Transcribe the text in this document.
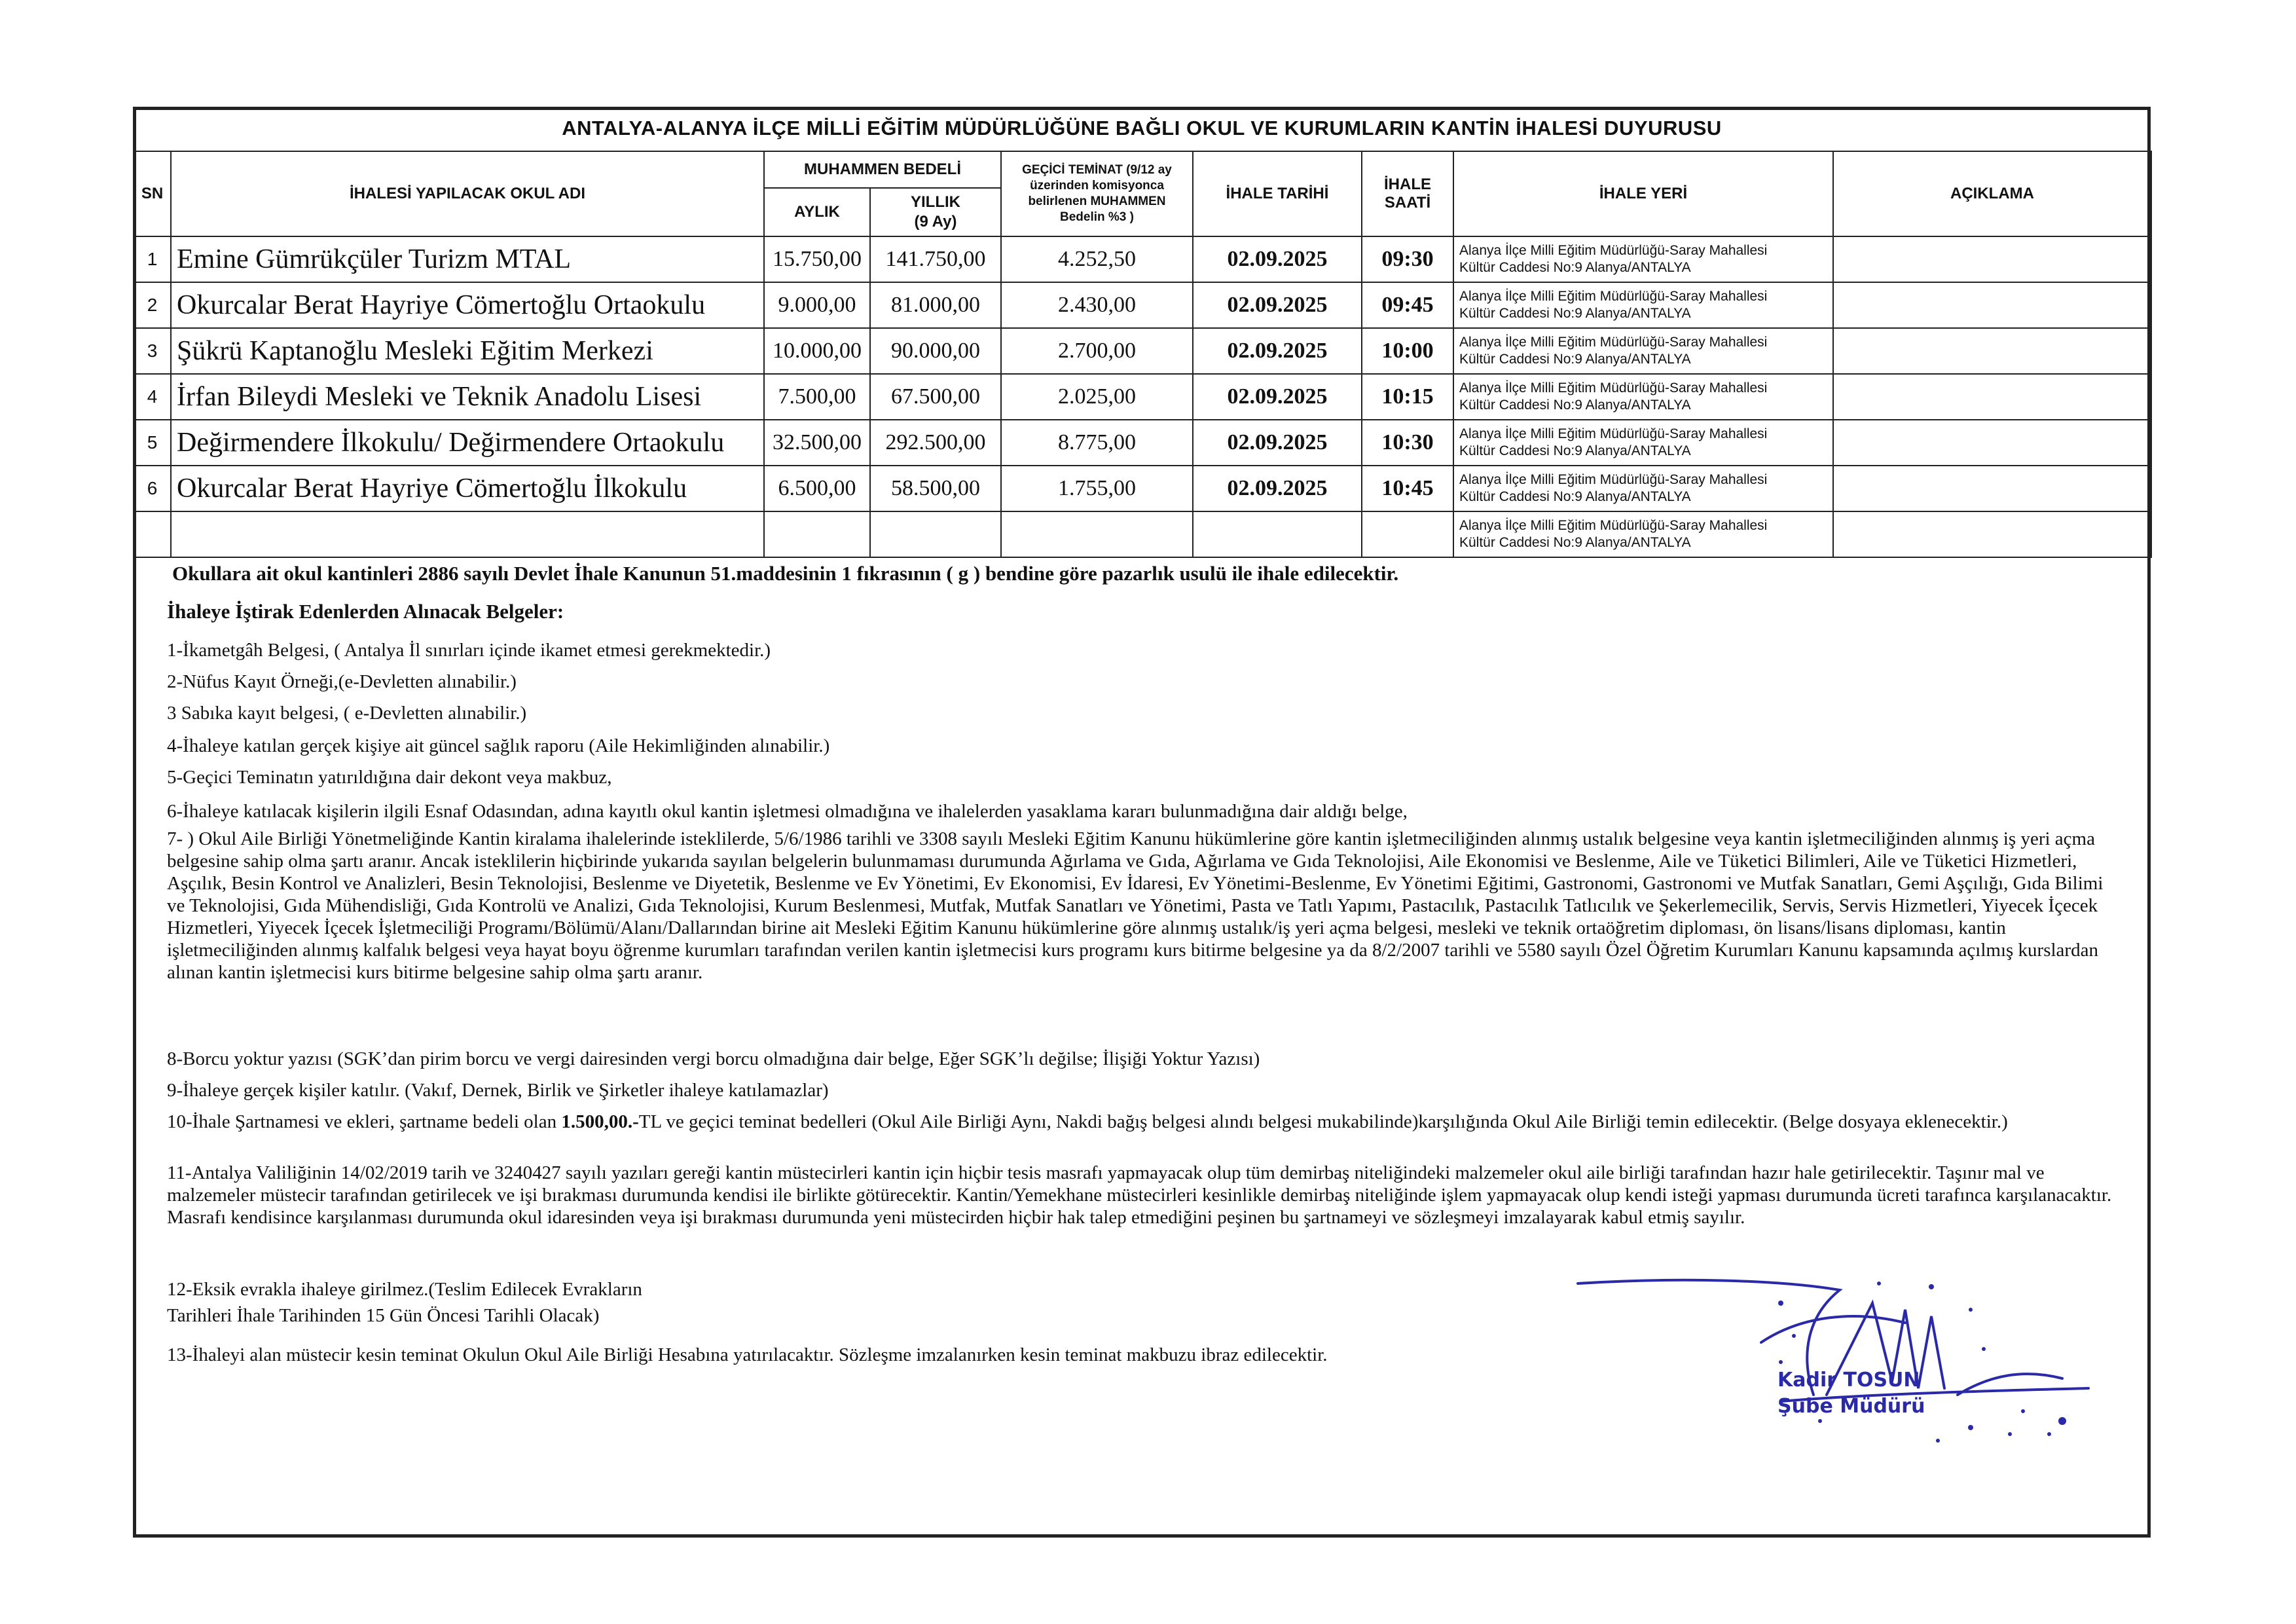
ANTALYA-ALANYA İLÇE MİLLİ EĞİTİM MÜDÜRLÜĞÜNE BAĞLI OKUL VE KURUMLARIN KANTİN İHALESİ DUYURUSU
SN	İHALESİ YAPILACAK OKUL ADI	MUHAMMEN BEDELİ		GEÇİCİ TEMİNAT (9/12 ay üzerinden komisyonca belirlenen MUHAMMEN Bedelin %3 )	İHALE TARİHİ	İHALE SAATİ	İHALE YERİ	AÇIKLAMA
		AYLIK	YILLIK
(9 Ay)					
1	Emine Gümrükçüler Turizm MTAL	15.750,00	141.750,00	4.252,50	02.09.2025	09:30	Alanya İlçe Milli Eğitim Müdürlüğü-Saray Mahallesi
Kültür Caddesi No:9 Alanya/ANTALYA	

2	Okurcalar Berat Hayriye Cömertoğlu Ortaokulu	9.000,00	81.000,00	2.430,00	02.09.2025	09:45	Alanya İlçe Milli Eğitim Müdürlüğü-Saray Mahallesi
Kültür Caddesi No:9 Alanya/ANTALYA	

3	Şükrü Kaptanoğlu Mesleki Eğitim Merkezi	10.000,00	90.000,00	2.700,00	02.09.2025	10:00	Alanya İlçe Milli Eğitim Müdürlüğü-Saray Mahallesi
Kültür Caddesi No:9 Alanya/ANTALYA	

4	İrfan Bileydi Mesleki ve Teknik Anadolu Lisesi	7.500,00	67.500,00	2.025,00	02.09.2025	10:15	Alanya İlçe Milli Eğitim Müdürlüğü-Saray Mahallesi
Kültür Caddesi No:9 Alanya/ANTALYA	

5	Değirmendere İlkokulu/ Değirmendere Ortaokulu	32.500,00	292.500,00	8.775,00	02.09.2025	10:30	Alanya İlçe Milli Eğitim Müdürlüğü-Saray Mahallesi
Kültür Caddesi No:9 Alanya/ANTALYA	

6	Okurcalar Berat Hayriye Cömertoğlu İlkokulu	6.500,00	58.500,00	1.755,00	02.09.2025	10:45	Alanya İlçe Milli Eğitim Müdürlüğü-Saray Mahallesi
Kültür Caddesi No:9 Alanya/ANTALYA	

							Alanya İlçe Milli Eğitim Müdürlüğü-Saray Mahallesi
Kültür Caddesi No:9 Alanya/ANTALYA	

Okullara ait okul kantinleri 2886 sayılı Devlet İhale Kanunun 51.maddesinin 1 fıkrasının ( g ) bendine göre pazarlık usulü ile ihale edilecektir.
İhaleye İştirak Edenlerden Alınacak Belgeler:
1-İkametgâh Belgesi, ( Antalya İl sınırları içinde ikamet etmesi gerekmektedir.)
2-Nüfus Kayıt Örneği,(e-Devletten alınabilir.)
3 Sabıka kayıt belgesi, ( e-Devletten alınabilir.)
4-İhaleye katılan gerçek kişiye ait güncel sağlık raporu (Aile Hekimliğinden alınabilir.)
5-Geçici Teminatın yatırıldığına dair dekont veya makbuz,
6-İhaleye katılacak kişilerin ilgili Esnaf Odasından, adına kayıtlı okul kantin işletmesi olmadığına ve ihalelerden yasaklama kararı bulunmadığına dair aldığı belge,
7- ) Okul Aile Birliği Yönetmeliğinde Kantin kiralama ihalelerinde isteklilerde, 5/6/1986 tarihli ve 3308 sayılı Mesleki Eğitim Kanunu hükümlerine göre kantin işletmeciliğinden alınmış ustalık belgesine veya kantin işletmeciliğinden alınmış iş yeri açma belgesine sahip olma şartı aranır. Ancak isteklilerin hiçbirinde yukarıda sayılan belgelerin bulunmaması durumunda Ağırlama ve Gıda, Ağırlama ve Gıda Teknolojisi, Aile Ekonomisi ve Beslenme, Aile ve Tüketici Bilimleri, Aile ve Tüketici Hizmetleri, Aşçılık, Besin Kontrol ve Analizleri, Besin Teknolojisi, Beslenme ve Diyetetik, Beslenme ve Ev Yönetimi, Ev Ekonomisi, Ev İdaresi, Ev Yönetimi-Beslenme, Ev Yönetimi Eğitimi, Gastronomi, Gastronomi ve Mutfak Sanatları, Gemi Aşçılığı, Gıda Bilimi ve Teknolojisi, Gıda Mühendisliği, Gıda Kontrolü ve Analizi, Gıda Teknolojisi, Kurum Beslenmesi, Mutfak, Mutfak Sanatları ve Yönetimi, Pasta ve Tatlı Yapımı, Pastacılık, Pastacılık Tatlıcılık ve Şekerlemecilik, Servis, Servis Hizmetleri, Yiyecek İçecek Hizmetleri, Yiyecek İçecek İşletmeciliği Programı/Bölümü/Alanı/Dallarından birine ait Mesleki Eğitim Kanunu hükümlerine göre alınmış ustalık/iş yeri açma belgesi, mesleki ve teknik ortaöğretim diploması, ön lisans/lisans diploması, kantin işletmeciliğinden alınmış kalfalık belgesi veya hayat boyu öğrenme kurumları tarafından verilen kantin işletmecisi kurs programı kurs bitirme belgesine ya da 8/2/2007 tarihli ve 5580 sayılı Özel Öğretim Kurumları Kanunu kapsamında açılmış kurslardan alınan kantin işletmecisi kurs bitirme belgesine sahip olma şartı aranır.
8-Borcu yoktur yazısı (SGK’dan pirim borcu ve vergi dairesinden vergi borcu olmadığına dair belge, Eğer SGK’lı değilse; İlişiği Yoktur Yazısı)
9-İhaleye gerçek kişiler katılır. (Vakıf, Dernek, Birlik ve Şirketler ihaleye katılamazlar)
10-İhale Şartnamesi ve ekleri, şartname bedeli olan 1.500,00.-TL ve geçici teminat bedelleri (Okul Aile Birliği Aynı, Nakdi bağış belgesi alındı belgesi mukabilinde)karşılığında Okul Aile Birliği temin edilecektir. (Belge dosyaya eklenecektir.)
11-Antalya Valiliğinin 14/02/2019 tarih ve 3240427 sayılı yazıları gereği kantin müstecirleri kantin için hiçbir tesis masrafı yapmayacak olup tüm demirbaş niteliğindeki malzemeler okul aile birliği tarafından hazır hale getirilecektir. Taşınır mal ve malzemeler müstecir tarafından getirilecek ve işi bırakması durumunda kendisi ile birlikte götürecektir. Kantin/Yemekhane müstecirleri kesinlikle demirbaş niteliğinde işlem yapmayacak olup kendi isteği yapması durumunda ücreti tarafınca karşılanacaktır. Masrafı kendisince karşılanması durumunda okul idaresinden veya işi bırakması durumunda yeni müstecirden hiçbir hak talep etmediğini peşinen bu şartnameyi ve sözleşmeyi imzalayarak kabul etmiş sayılır.
12-Eksik evrakla ihaleye girilmez.(Teslim Edilecek Evrakların
Tarihleri İhale Tarihinden 15 Gün Öncesi Tarihli Olacak)
13-İhaleyi alan müstecir kesin teminat Okulun Okul Aile Birliği Hesabına yatırılacaktır. Sözleşme imzalanırken kesin teminat makbuzu ibraz edilecektir.
Kadir TOSUN
Şube Müdürü
